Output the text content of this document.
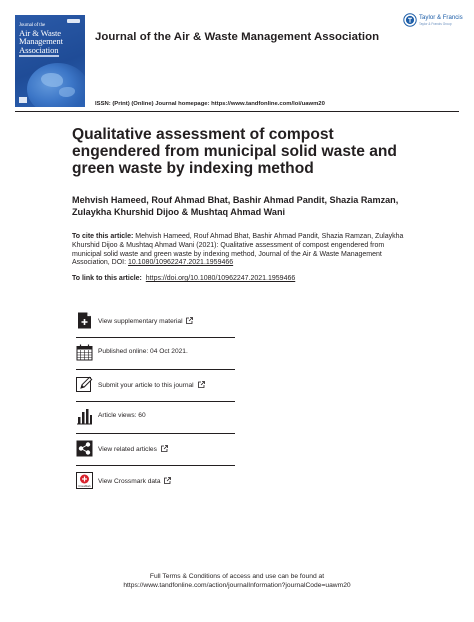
Journal of the
Air & Waste Management Association
Journal of the Air & Waste Management Association
Taylor & Francis
Taylor & Francis Group
ISSN: (Print) (Online) Journal homepage: https://www.tandfonline.com/loi/uawm20
Qualitative assessment of compost engendered from municipal solid waste and green waste by indexing method
Mehvish Hameed, Rouf Ahmad Bhat, Bashir Ahmad Pandit, Shazia Ramzan, Zulaykha Khurshid Dijoo & Mushtaq Ahmad Wani
To cite this article: Mehvish Hameed, Rouf Ahmad Bhat, Bashir Ahmad Pandit, Shazia Ramzan, Zulaykha Khurshid Dijoo & Mushtaq Ahmad Wani (2021): Qualitative assessment of compost engendered from municipal solid waste and green waste by indexing method, Journal of the Air & Waste Management Association, DOI: 10.1080/10962247.2021.1959466
To link to this article: https://doi.org/10.1080/10962247.2021.1959466
View supplementary material
Published online: 04 Oct 2021.
Submit your article to this journal
Article views: 60
View related articles
CrossMark
View Crossmark data
Full Terms & Conditions of access and use can be found at
https://www.tandfonline.com/action/journalInformation?journalCode=uawm20
